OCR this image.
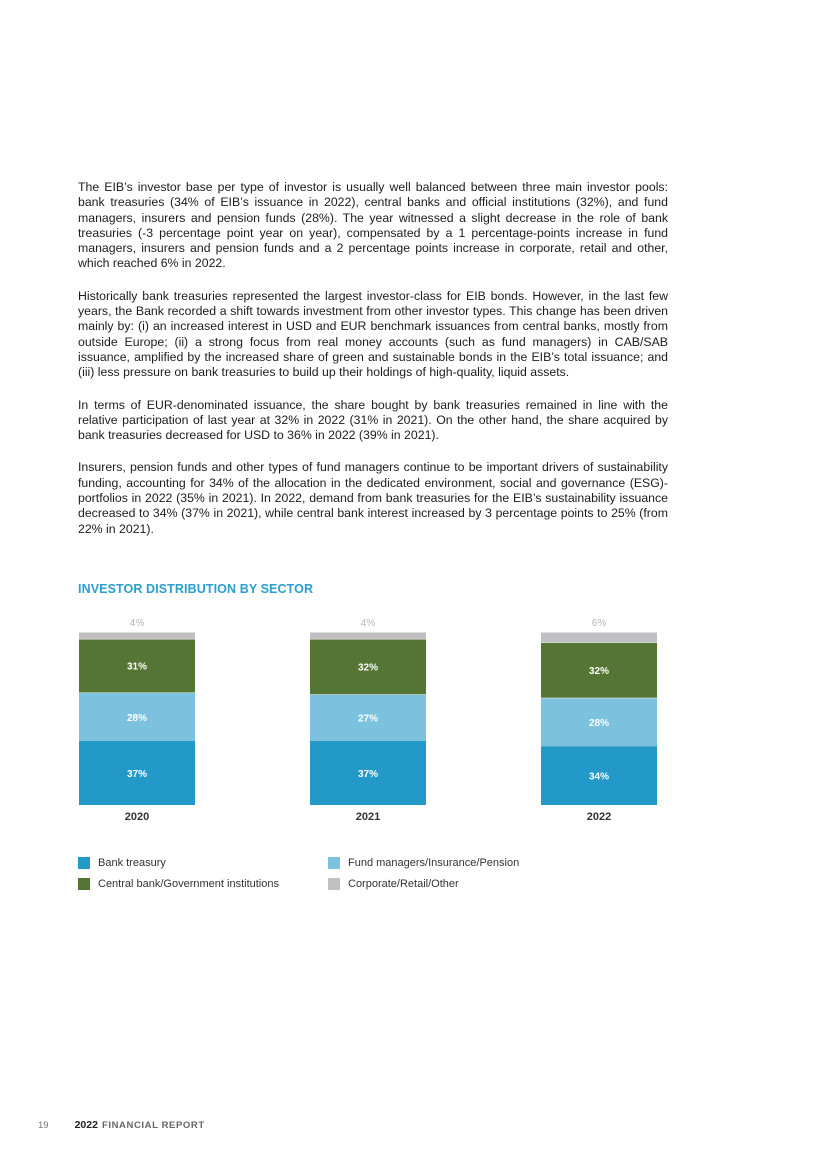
The EIB’s investor base per type of investor is usually well balanced between three main investor pools: bank treasuries (34% of EIB’s issuance in 2022), central banks and official institutions (32%), and fund managers, insurers and pension funds (28%). The year witnessed a slight decrease in the role of bank treasuries (-3 percentage point year on year), compensated by a 1 percentage-points increase in fund managers, insurers and pension funds and a 2 percentage points increase in corporate, retail and other, which reached 6% in 2022.

Historically bank treasuries represented the largest investor-class for EIB bonds. However, in the last few years, the Bank recorded a shift towards investment from other investor types. This change has been driven mainly by: (i) an increased interest in USD and EUR benchmark issuances from central banks, mostly from outside Europe; (ii) a strong focus from real money accounts (such as fund managers) in CAB/SAB issuance, amplified by the increased share of green and sustainable bonds in the EIB’s total issuance; and (iii) less pressure on bank treasuries to build up their holdings of high-quality, liquid assets.

In terms of EUR-denominated issuance, the share bought by bank treasuries remained in line with the relative participation of last year at 32% in 2022 (31% in 2021). On the other hand, the share acquired by bank treasuries decreased for USD to 36% in 2022 (39% in 2021).

Insurers, pension funds and other types of fund managers continue to be important drivers of sustainability funding, accounting for 34% of the allocation in the dedicated environment, social and governance (ESG)-portfolios in 2022 (35% in 2021). In 2022, demand from bank treasuries for the EIB’s sustainability issuance decreased to 34% (37% in 2021), while central bank interest increased by 3 percentage points to 25% (from 22% in 2021).

INVESTOR DISTRIBUTION BY SECTOR
37%
28%
31%
4%
2020
37%
27%
32%
4%
2021
34%
28%
32%
6%
2022
Bank treasury	Fund managers/Insurance/Pension
Central bank/Government institutions	Corporate/Retail/Other
19 2022 FINANCIAL REPORT
